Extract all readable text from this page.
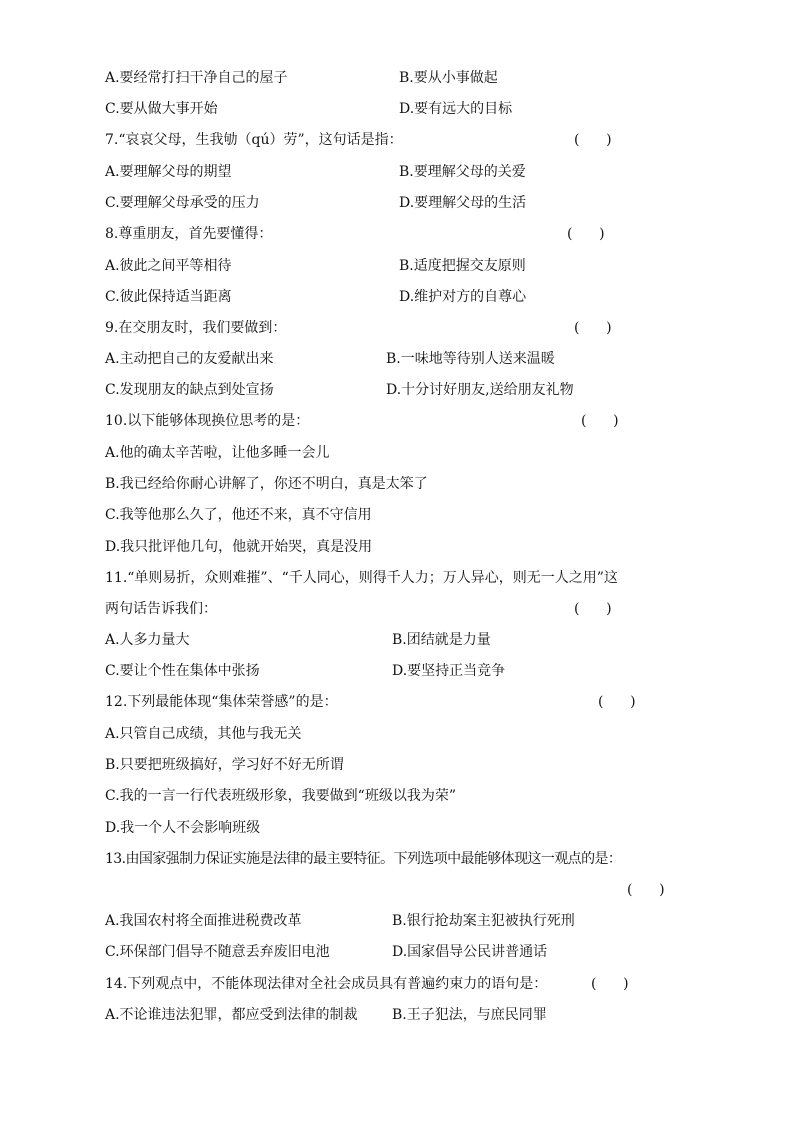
A.要经常打扫干净自己的屋子	B.要从小事做起
C.要从做大事开始	D.要有远大的目标
7.“哀哀父母，生我劬（qú）劳”，这句话是指：	(      )
A.要理解父母的期望	B.要理解父母的关爱
C.要理解父母承受的压力	D.要理解父母的生活
8.尊重朋友，首先要懂得：	(      )
A.彼此之间平等相待	B.适度把握交友原则
C.彼此保持适当距离	D.维护对方的自尊心
9.在交朋友时，我们要做到：	(      )
A.主动把自己的友爱献出来	B.一味地等待别人送来温暖
C.发现朋友的缺点到处宣扬	D.十分讨好朋友,送给朋友礼物
10.以下能够体现换位思考的是：	(      )
A.他的确太辛苦啦，让他多睡一会儿
B.我已经给你耐心讲解了，你还不明白，真是太笨了
C.我等他那么久了，他还不来，真不守信用
D.我只批评他几句，他就开始哭，真是没用
11.“单则易折，众则难摧”、“千人同心，则得千人力；万人异心，则无一人之用”这
两句话告诉我们：	(      )
A.人多力量大	B.团结就是力量
C.要让个性在集体中张扬	D.要坚持正当竞争
12.下列最能体现“集体荣誉感”的是：	(      )
A.只管自己成绩，其他与我无关
B.只要把班级搞好，学习好不好无所谓
C.我的一言一行代表班级形象，我要做到“班级以我为荣”
D.我一个人不会影响班级
13.由国家强制力保证实施是法律的最主要特征。下列选项中最能够体现这一观点的是：
(      )
A.我国农村将全面推进税费改革	B.银行抢劫案主犯被执行死刑
C.环保部门倡导不随意丢弃废旧电池	D.国家倡导公民讲普通话
14.下列观点中，不能体现法律对全社会成员具有普遍约束力的语句是：	(      )
A.不论谁违法犯罪，都应受到法律的制裁 B.王子犯法，与庶民同罪
